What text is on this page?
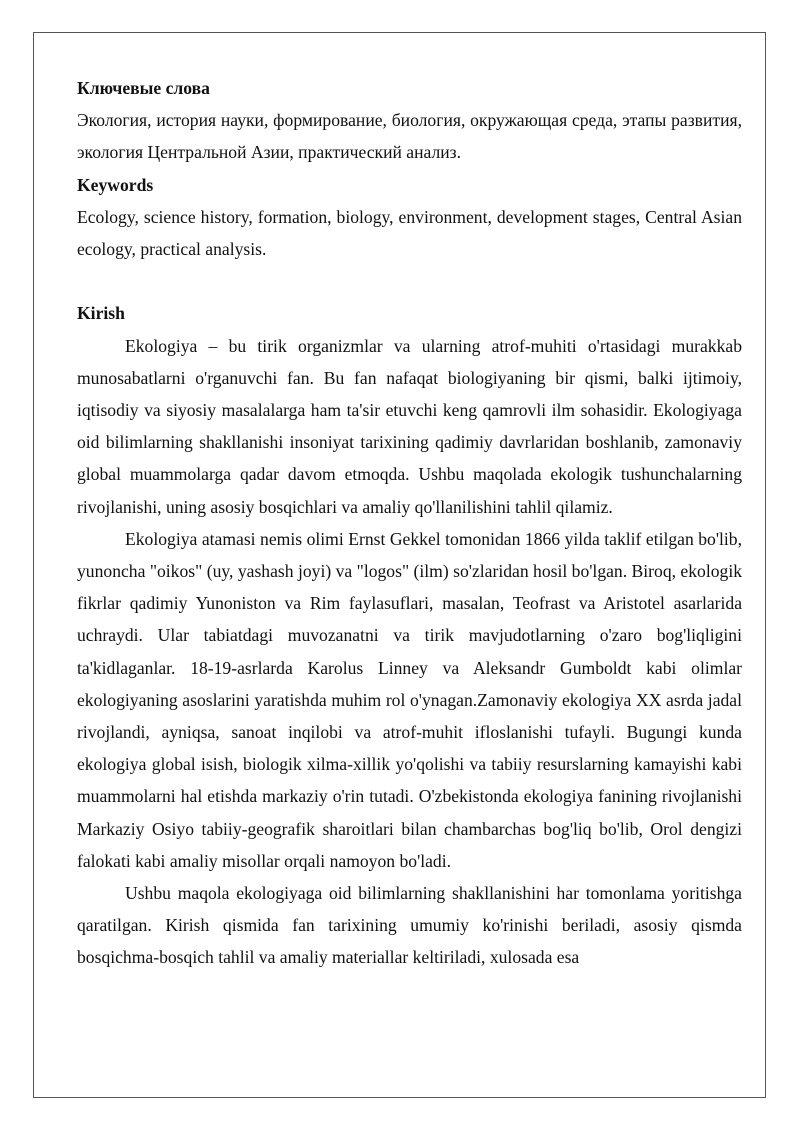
Ключевые слова

Экология, история науки, формирование, биология, окружающая среда, этапы развития, экология Центральной Азии, практический анализ.

Keywords

Ecology, science history, formation, biology, environment, development stages, Central Asian ecology, practical analysis.

Kirish

Ekologiya – bu tirik organizmlar va ularning atrof-muhiti o'rtasidagi murakkab munosabatlarni o'rganuvchi fan. Bu fan nafaqat biologiyaning bir qismi, balki ijtimoiy, iqtisodiy va siyosiy masalalarga ham ta'sir etuvchi keng qamrovli ilm sohasidir. Ekologiyaga oid bilimlarning shakllanishi insoniyat tarixining qadimiy davrlaridan boshlanib, zamonaviy global muammolarga qadar davom etmoqda. Ushbu maqolada ekologik tushunchalarning rivojlanishi, uning asosiy bosqichlari va amaliy qo'llanilishini tahlil qilamiz.

Ekologiya atamasi nemis olimi Ernst Gekkel tomonidan 1866 yilda taklif etilgan bo'lib, yunoncha "oikos" (uy, yashash joyi) va "logos" (ilm) so'zlaridan hosil bo'lgan. Biroq, ekologik fikrlar qadimiy Yunoniston va Rim faylasuflari, masalan, Teofrast va Aristotel asarlarida uchraydi. Ular tabiatdagi muvozanatni va tirik mavjudotlarning o'zaro bog'liqligini ta'kidlaganlar. 18-19-asrlarda Karolus Linney va Aleksandr Gumboldt kabi olimlar ekologiyaning asoslarini yaratishda muhim rol o'ynagan.Zamonaviy ekologiya XX asrda jadal rivojlandi, ayniqsa, sanoat inqilobi va atrof-muhit ifloslanishi tufayli. Bugungi kunda ekologiya global isish, biologik xilma-xillik yo'qolishi va tabiiy resurslarning kamayishi kabi muammolarni hal etishda markaziy o'rin tutadi. O'zbekistonda ekologiya fanining rivojlanishi Markaziy Osiyo tabiiy-geografik sharoitlari bilan chambarchas bog'liq bo'lib, Orol dengizi falokati kabi amaliy misollar orqali namoyon bo'ladi.

Ushbu maqola ekologiyaga oid bilimlarning shakllanishini har tomonlama yoritishga qaratilgan. Kirish qismida fan tarixining umumiy ko'rinishi beriladi, asosiy qismda bosqichma-bosqich tahlil va amaliy materiallar keltiriladi, xulosada esa
